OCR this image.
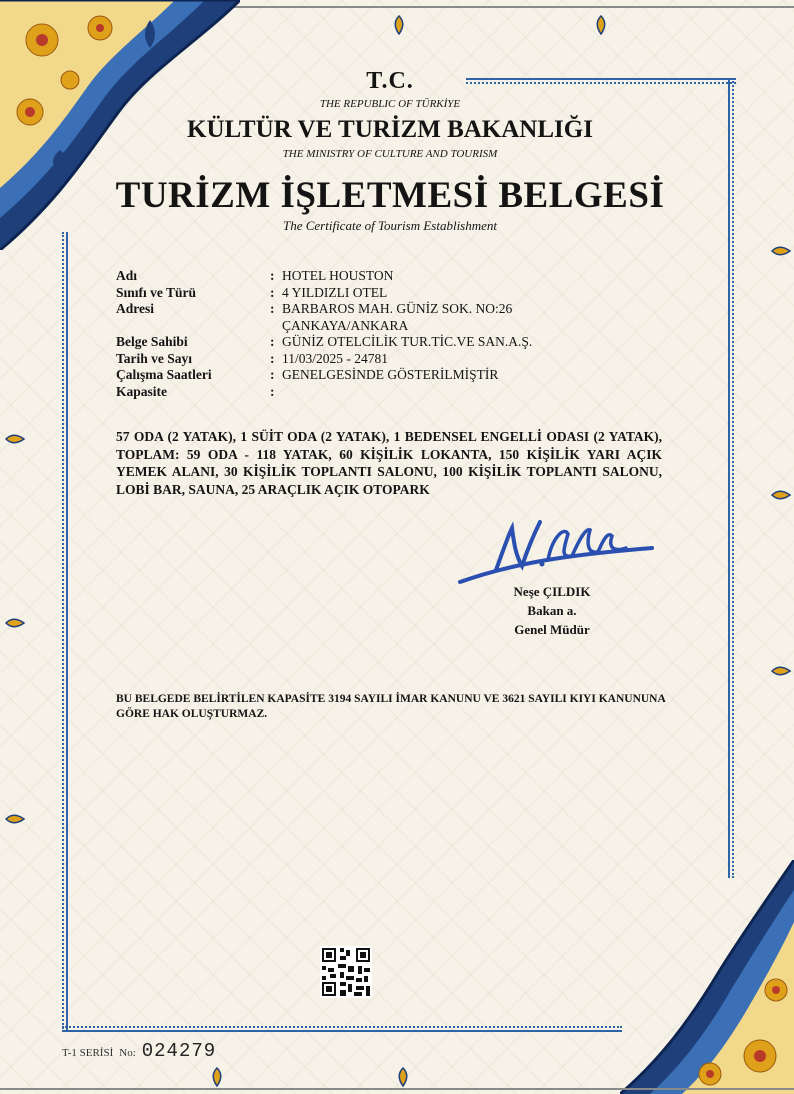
T.C.
THE REPUBLIC OF TÜRKİYE
KÜLTÜR VE TURİZM BAKANLIĞI
THE MINISTRY OF CULTURE AND TOURISM
TURİZM İŞLETMESİ BELGESİ
The Certificate of Tourism Establishment
Adı	: HOTEL HOUSTON
Sınıfı ve Türü	: 4 YILDIZLI OTEL
Adresi	: BARBAROS MAH. GÜNİZ SOK. NO:26
ÇANKAYA/ANKARA
Belge Sahibi	: GÜNİZ OTELCİLİK TUR.TİC.VE SAN.A.Ş.
Tarih ve Sayı	: 11/03/2025 - 24781
Çalışma Saatleri	: GENELGESİNDE GÖSTERİLMİŞTİR
Kapasite	:
57 ODA (2 YATAK), 1 SÜİT ODA (2 YATAK), 1 BEDENSEL ENGELLİ ODASI (2 YATAK), TOPLAM: 59 ODA - 118 YATAK, 60 KİŞİLİK LOKANTA, 150 KİŞİLİK YARI AÇIK YEMEK ALANI, 30 KİŞİLİK TOPLANTI SALONU, 100 KİŞİLİK TOPLANTI SALONU, LOBİ BAR, SAUNA, 25 ARAÇLIK AÇIK OTOPARK
Neşe ÇILDIK
Bakan a.
Genel Müdür
BU BELGEDE BELİRTİLEN KAPASİTE 3194 SAYILI İMAR KANUNU VE 3621 SAYILI KIYI KANUNUNA GÖRE HAK OLUŞTURMAZ.
T-1 SERİSİ No: 024279
